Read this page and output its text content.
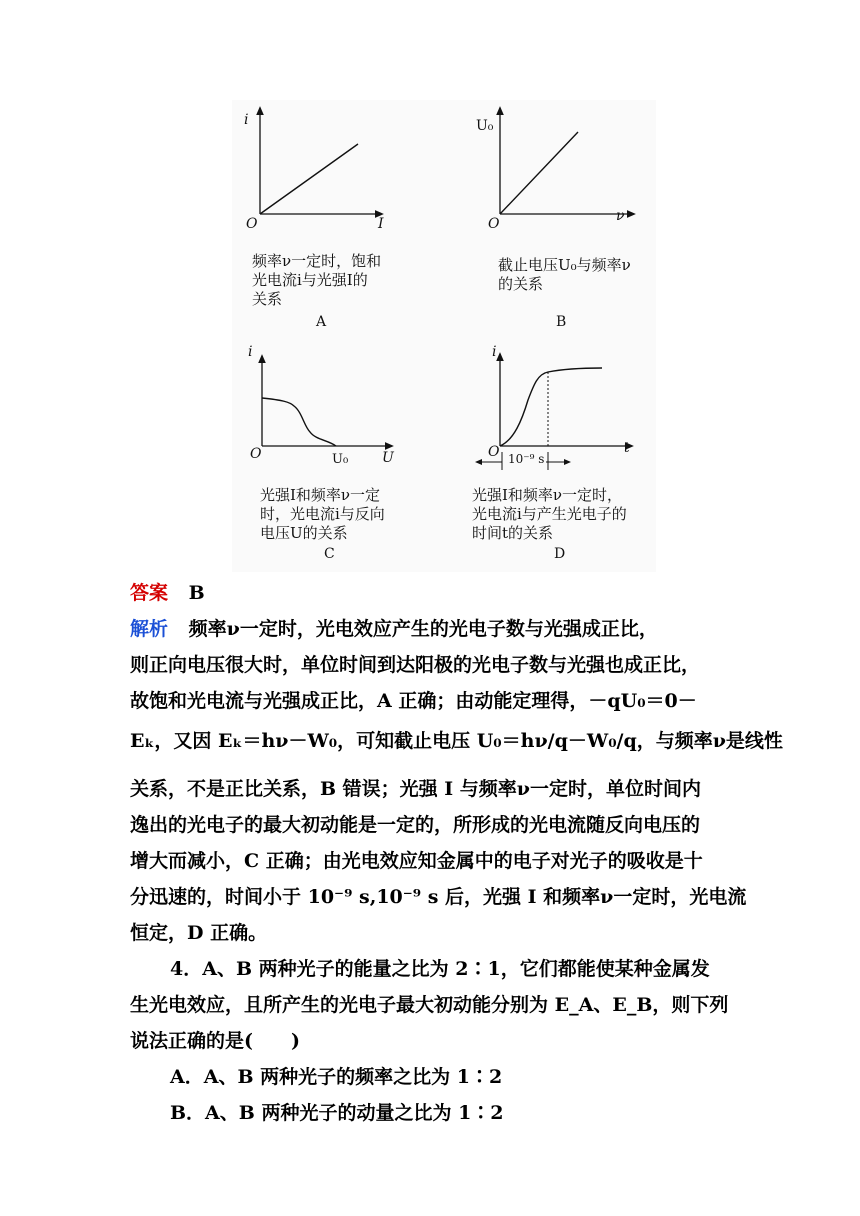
i
I
O
频率ν一定时，饱和
光电流i与光强I的
关系
A
U₀
ν
O
截止电压U₀与频率ν
的关系
B
i
U
O	U₀
光强I和频率ν一定
时，光电流i与反向
电压U的关系
C
i
t
O 10⁻⁹ s
光强I和频率ν一定时，
光电流i与产生光电子的
时间t的关系
D
答案 B
解析 频率ν一定时，光电效应产生的光电子数与光强成正比，
则正向电压很大时，单位时间到达阳极的光电子数与光强也成正比，
故饱和光电流与光强成正比，A 正确；由动能定理得，－qU₀＝0－
Eₖ，又因 Eₖ＝hν－W₀，可知截止电压 U₀＝hν/q－W₀/q，与频率ν是线性
关系，不是正比关系，B 错误；光强 I 与频率ν一定时，单位时间内
逸出的光电子的最大初动能是一定的，所形成的光电流随反向电压的
增大而减小，C 正确；由光电效应知金属中的电子对光子的吸收是十
分迅速的，时间小于 10⁻⁹ s,10⁻⁹ s 后，光强 I 和频率ν一定时，光电流
恒定，D 正确。
4．A、B 两种光子的能量之比为 2∶1，它们都能使某种金属发
生光电效应，且所产生的光电子最大初动能分别为 E_A、E_B，则下列
说法正确的是(　　)
A．A、B 两种光子的频率之比为 1∶2
B．A、B 两种光子的动量之比为 1∶2
